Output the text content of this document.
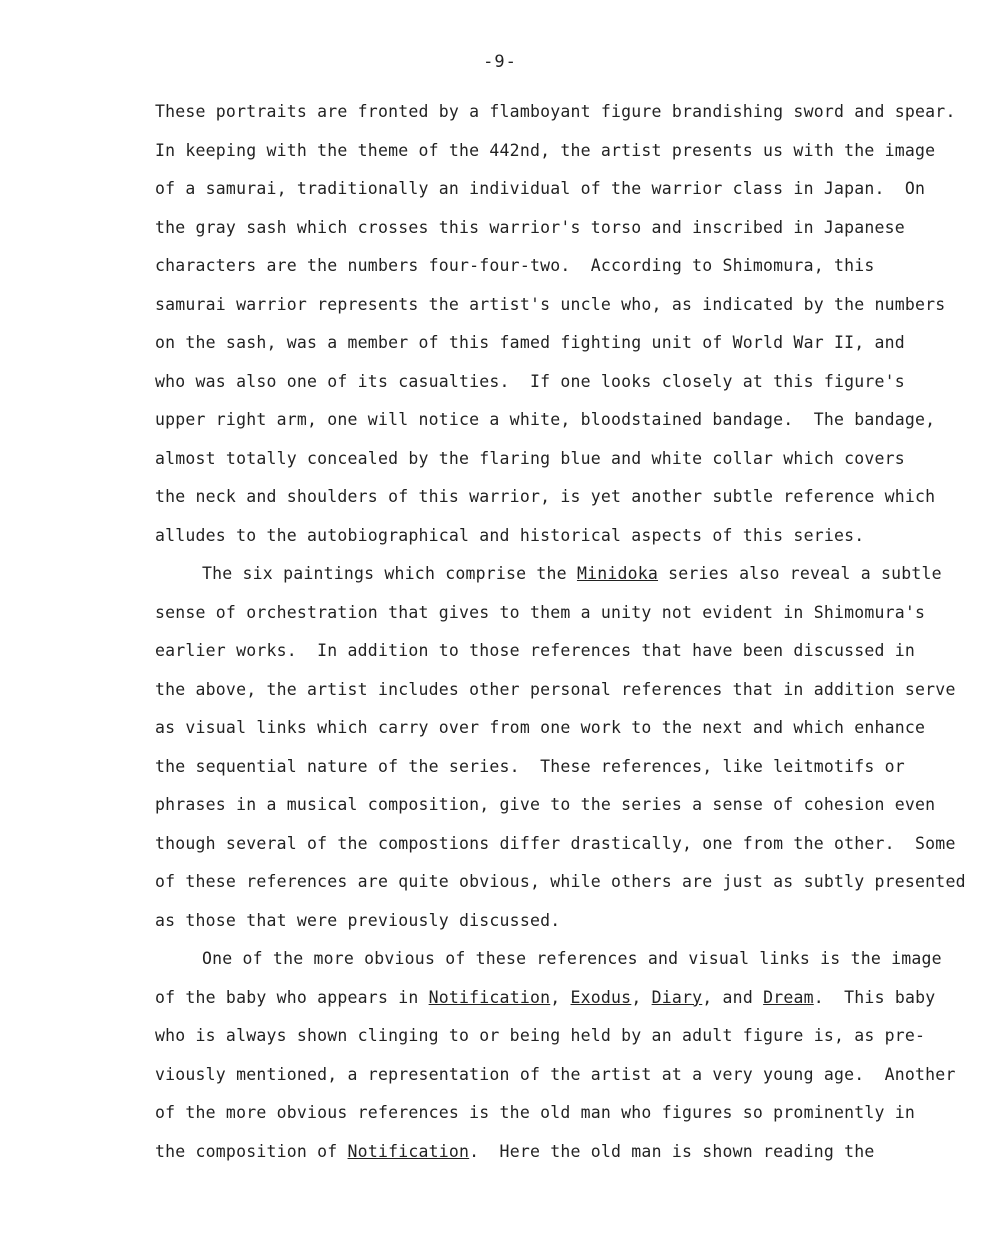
-9-
These portraits are fronted by a flamboyant figure brandishing sword and spear.
In keeping with the theme of the 442nd, the artist presents us with the image
of a samurai, traditionally an individual of the warrior class in Japan.  On
the gray sash which crosses this warrior's torso and inscribed in Japanese
characters are the numbers four-four-two.  According to Shimomura, this
samurai warrior represents the artist's uncle who, as indicated by the numbers
on the sash, was a member of this famed fighting unit of World War II, and
who was also one of its casualties.  If one looks closely at this figure's
upper right arm, one will notice a white, bloodstained bandage.  The bandage,
almost totally concealed by the flaring blue and white collar which covers
the neck and shoulders of this warrior, is yet another subtle reference which
alludes to the autobiographical and historical aspects of this series.
The six paintings which comprise the Minidoka series also reveal a subtle
sense of orchestration that gives to them a unity not evident in Shimomura's
earlier works.  In addition to those references that have been discussed in
the above, the artist includes other personal references that in addition serve
as visual links which carry over from one work to the next and which enhance
the sequential nature of the series.  These references, like leitmotifs or
phrases in a musical composition, give to the series a sense of cohesion even
though several of the compostions differ drastically, one from the other.  Some
of these references are quite obvious, while others are just as subtly presented
as those that were previously discussed.
One of the more obvious of these references and visual links is the image
of the baby who appears in Notification, Exodus, Diary, and Dream.  This baby
who is always shown clinging to or being held by an adult figure is, as pre-
viously mentioned, a representation of the artist at a very young age.  Another
of the more obvious references is the old man who figures so prominently in
the composition of Notification.  Here the old man is shown reading the
